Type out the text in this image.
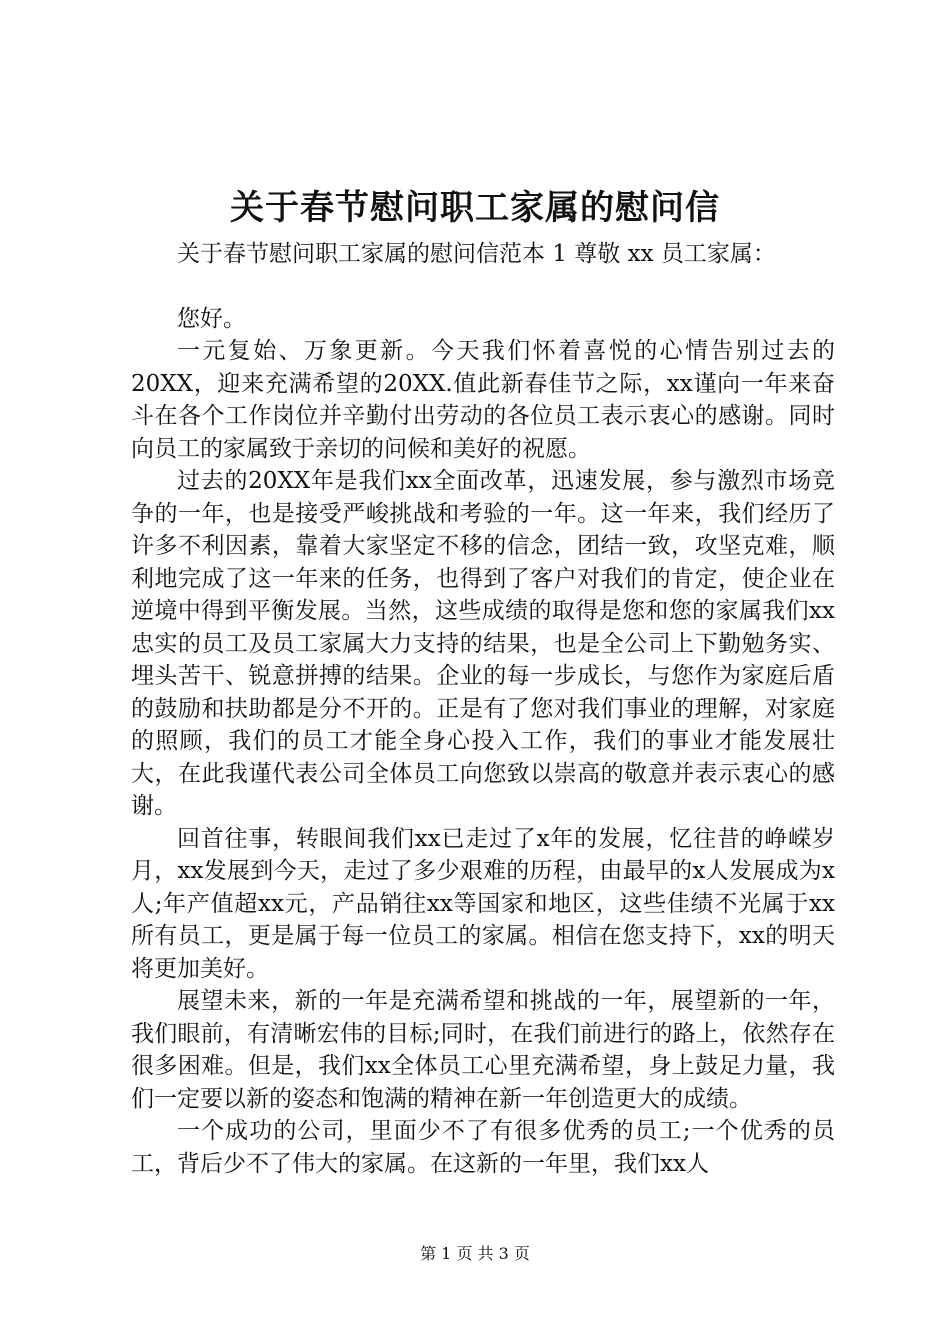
关于春节慰问职工家属的慰问信

关于春节慰问职工家属的慰问信范本 1 尊敬 xx 员工家属：

您好。

一元复始、万象更新。今天我们怀着喜悦的心情告别过去的20XX，迎来充满希望的20XX.值此新春佳节之际，xx谨向一年来奋斗在各个工作岗位并辛勤付出劳动的各位员工表示衷心的感谢。同时向员工的家属致于亲切的问候和美好的祝愿。

过去的20XX年是我们xx全面改革，迅速发展，参与激烈市场竞争的一年，也是接受严峻挑战和考验的一年。这一年来，我们经历了许多不利因素，靠着大家坚定不移的信念，团结一致，攻坚克难，顺利地完成了这一年来的任务，也得到了客户对我们的肯定，使企业在逆境中得到平衡发展。当然，这些成绩的取得是您和您的家属我们xx忠实的员工及员工家属大力支持的结果，也是全公司上下勤勉务实、埋头苦干、锐意拼搏的结果。企业的每一步成长，与您作为家庭后盾的鼓励和扶助都是分不开的。正是有了您对我们事业的理解，对家庭的照顾，我们的员工才能全身心投入工作，我们的事业才能发展壮大，在此我谨代表公司全体员工向您致以崇高的敬意并表示衷心的感谢。

回首往事，转眼间我们xx已走过了x年的发展，忆往昔的峥嵘岁月，xx发展到今天，走过了多少艰难的历程，由最早的x人发展成为x人;年产值超xx元，产品销往xx等国家和地区，这些佳绩不光属于xx所有员工，更是属于每一位员工的家属。相信在您支持下，xx的明天将更加美好。

展望未来，新的一年是充满希望和挑战的一年，展望新的一年，我们眼前，有清晰宏伟的目标;同时，在我们前进行的路上，依然存在很多困难。但是，我们xx全体员工心里充满希望，身上鼓足力量，我们一定要以新的姿态和饱满的精神在新一年创造更大的成绩。

一个成功的公司，里面少不了有很多优秀的员工;一个优秀的员工，背后少不了伟大的家属。在这新的一年里，我们xx人

第 1 页 共 3 页
